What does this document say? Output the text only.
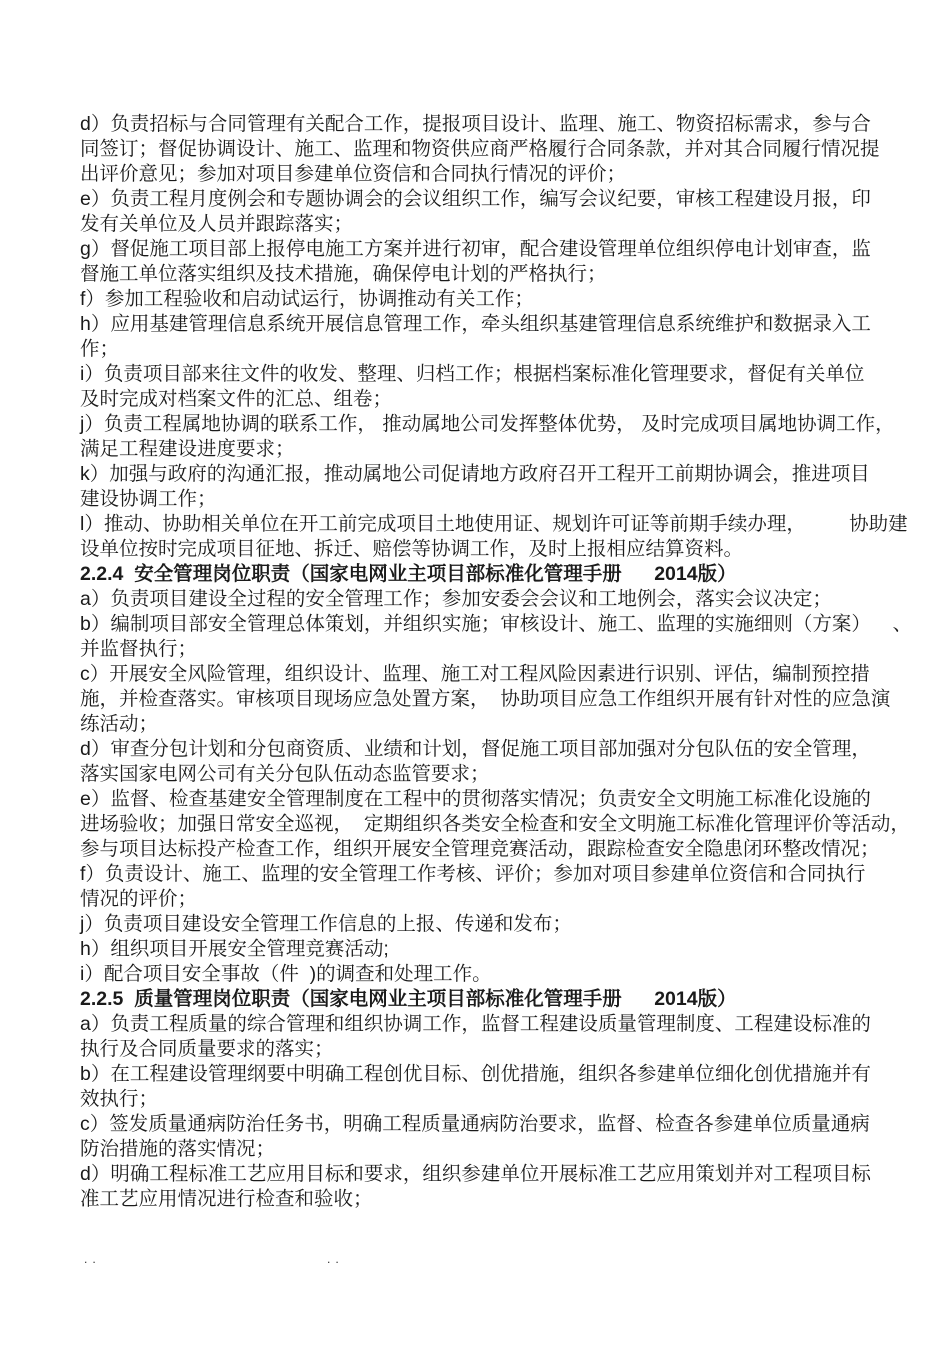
d）负责招标与合同管理有关配合工作，提报项目设计、监理、施工、物资招标需求，参与合
同签订；督促协调设计、施工、监理和物资供应商严格履行合同条款，并对其合同履行情况提
出评价意见；参加对项目参建单位资信和合同执行情况的评价；
e）负责工程月度例会和专题协调会的会议组织工作，编写会议纪要，审核工程建设月报，印
发有关单位及人员并跟踪落实；
g）督促施工项目部上报停电施工方案并进行初审，配合建设管理单位组织停电计划审查，监
督施工单位落实组织及技术措施，确保停电计划的严格执行；
f）参加工程验收和启动试运行，协调推动有关工作；
h）应用基建管理信息系统开展信息管理工作，牵头组织基建管理信息系统维护和数据录入工
作；
i）负责项目部来往文件的收发、整理、归档工作；根据档案标准化管理要求，督促有关单位
及时完成对档案文件的汇总、组卷；
j）负责工程属地协调的联系工作， 推动属地公司发挥整体优势， 及时完成项目属地协调工作，
满足工程建设进度要求；
k）加强与政府的沟通汇报，推动属地公司促请地方政府召开工程开工前期协调会，推进项目
建设协调工作；
l）推动、协助相关单位在开工前完成项目土地使用证、规划许可证等前期手续办理，        协助建
设单位按时完成项目征地、拆迁、赔偿等协调工作，及时上报相应结算资料。
2.2.4  安全管理岗位职责（国家电网业主项目部标准化管理手册      2014版）
a）负责项目建设全过程的安全管理工作；参加安委会会议和工地例会，落实会议决定；
b）编制项目部安全管理总体策划，并组织实施；审核设计、施工、监理的实施细则（方案）    、
并监督执行；
c）开展安全风险管理，组织设计、监理、施工对工程风险因素进行识别、评估，编制预控措
施，并检查落实。审核项目现场应急处置方案，  协助项目应急工作组织开展有针对性的应急演
练活动；
d）审查分包计划和分包商资质、业绩和计划，督促施工项目部加强对分包队伍的安全管理，
落实国家电网公司有关分包队伍动态监管要求；
e）监督、检查基建安全管理制度在工程中的贯彻落实情况；负责安全文明施工标准化设施的
进场验收；加强日常安全巡视，  定期组织各类安全检查和安全文明施工标准化管理评价等活动，
参与项目达标投产检查工作，组织开展安全管理竞赛活动，跟踪检查安全隐患闭环整改情况；
f）负责设计、施工、监理的安全管理工作考核、评价；参加对项目参建单位资信和合同执行
情况的评价；
j）负责项目建设安全管理工作信息的上报、传递和发布；
h）组织项目开展安全管理竞赛活动;
i）配合项目安全事故（件  )的调查和处理工作。
2.2.5  质量管理岗位职责（国家电网业主项目部标准化管理手册      2014版）
a）负责工程质量的综合管理和组织协调工作，监督工程建设质量管理制度、工程建设标准的
执行及合同质量要求的落实；
b）在工程建设管理纲要中明确工程创优目标、创优措施，组织各参建单位细化创优措施并有
效执行；
c）签发质量通病防治任务书，明确工程质量通病防治要求，监督、检查各参建单位质量通病
防治措施的落实情况；
d）明确工程标准工艺应用目标和要求，组织参建单位开展标准工艺应用策划并对工程项目标
准工艺应用情况进行检查和验收；
..	..
